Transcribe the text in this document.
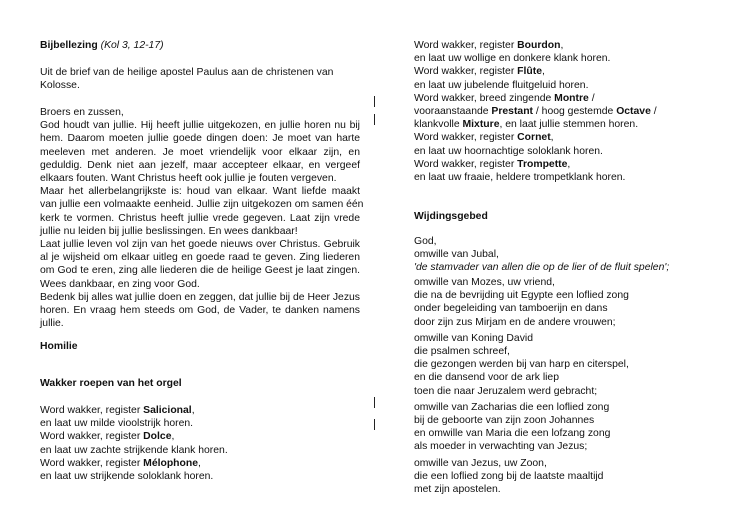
Bijbellezing (Kol 3, 12-17)

Uit de brief van de heilige apostel Paulus aan de christenen van

Kolosse.

Broers en zussen,

God houdt van jullie. Hij heeft jullie uitgekozen, en jullie horen nu bij

hem. Daarom moeten jullie goede dingen doen: Je moet van harte

meeleven met anderen. Je moet vriendelijk voor elkaar zijn, en

geduldig. Denk niet aan jezelf, maar accepteer elkaar, en vergeef

elkaars fouten. Want Christus heeft ook jullie je fouten vergeven.

Maar het allerbelangrijkste is: houd van elkaar. Want liefde maakt

van jullie een volmaakte eenheid. Jullie zijn uitgekozen om samen één

kerk te vormen. Christus heeft jullie vrede gegeven. Laat zijn vrede

jullie nu leiden bij jullie beslissingen. En wees dankbaar!

Laat jullie leven vol zijn van het goede nieuws over Christus. Gebruik

al je wijsheid om elkaar uitleg en goede raad te geven. Zing liederen

om God te eren, zing alle liederen die de heilige Geest je laat zingen.

Wees dankbaar, en zing voor God.

Bedenk bij alles wat jullie doen en zeggen, dat jullie bij de Heer Jezus

horen. En vraag hem steeds om God, de Vader, te danken namens

jullie.

Homilie
Wakker roepen van het orgel

Word wakker, register Salicional,

en laat uw milde vioolstrijk horen.

Word wakker, register Dolce,

en laat uw zachte strijkende klank horen.

Word wakker, register Mélophone,

en laat uw strijkende soloklank horen.

Word wakker, register Bourdon,

en laat uw wollige en donkere klank horen.

Word wakker, register Flûte,

en laat uw jubelende fluitgeluid horen.

Word wakker, breed zingende Montre /

vooraanstaande Prestant / hoog gestemde Octave /

klankvolle Mixture, en laat jullie stemmen horen.

Word wakker, register Cornet,

en laat uw hoornachtige soloklank horen.

Word wakker, register Trompette,

en laat uw fraaie, heldere trompetklank horen.

Wijdingsgebed

God,

omwille van Jubal,

'de stamvader van allen die op de lier of de fluit spelen';

omwille van Mozes, uw vriend,

die na de bevrijding uit Egypte een loflied zong

onder begeleiding van tamboerijn en dans

door zijn zus Mirjam en de andere vrouwen;

omwille van Koning David

die psalmen schreef,

die gezongen werden bij van harp en citerspel,

en die dansend voor de ark liep

toen die naar Jeruzalem werd gebracht;

omwille van Zacharias die een loflied zong

bij de geboorte van zijn zoon Johannes

en omwille van Maria die een lofzang zong

als moeder in verwachting van Jezus;

omwille van Jezus, uw Zoon,

die een loflied zong bij de laatste maaltijd

met zijn apostelen.
